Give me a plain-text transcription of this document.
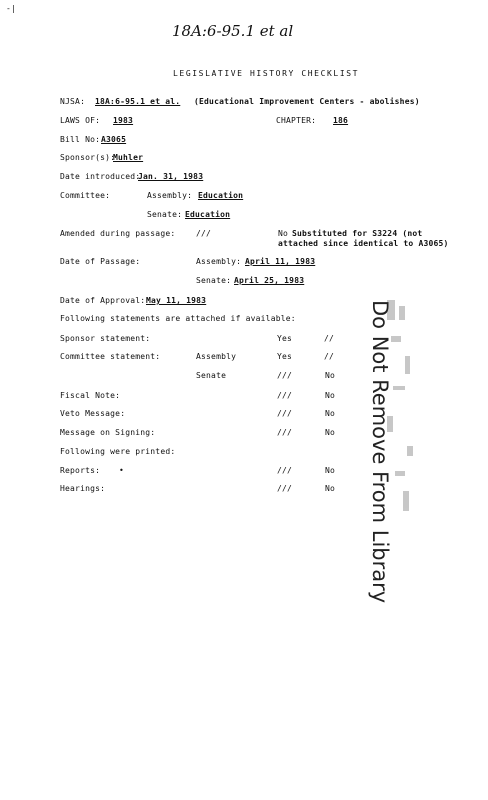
-|
18A:6-95.1 et al
LEGISLATIVE HISTORY CHECKLIST
NJSA: 18A:6-95.1 et al. (Educational Improvement Centers - abolishes)
LAWS OF: 1983	CHAPTER: 186
Bill No: A3065
Sponsor(s):
Muhler
Date introduced:
Jan. 31, 1983
Committee:	Assembly: Education
Senate: Education
Amended during passage:	///	No Substituted for S3224 (not
attached since identical to A3065)
Date of Passage:	Assembly: April 11, 1983
Senate: April 25, 1983
Date of Approval: May 11, 1983
Following statements are attached if available:
Sponsor statement:	Yes	//
Committee statement:	Assembly	Yes	//
Senate	///	No
Fiscal Note:	///	No
Veto Message:	///	No
Message on Signing:	///	No
Following were printed:
Reports: •	///	No
Hearings:	///	No Do Not Remove From Library
